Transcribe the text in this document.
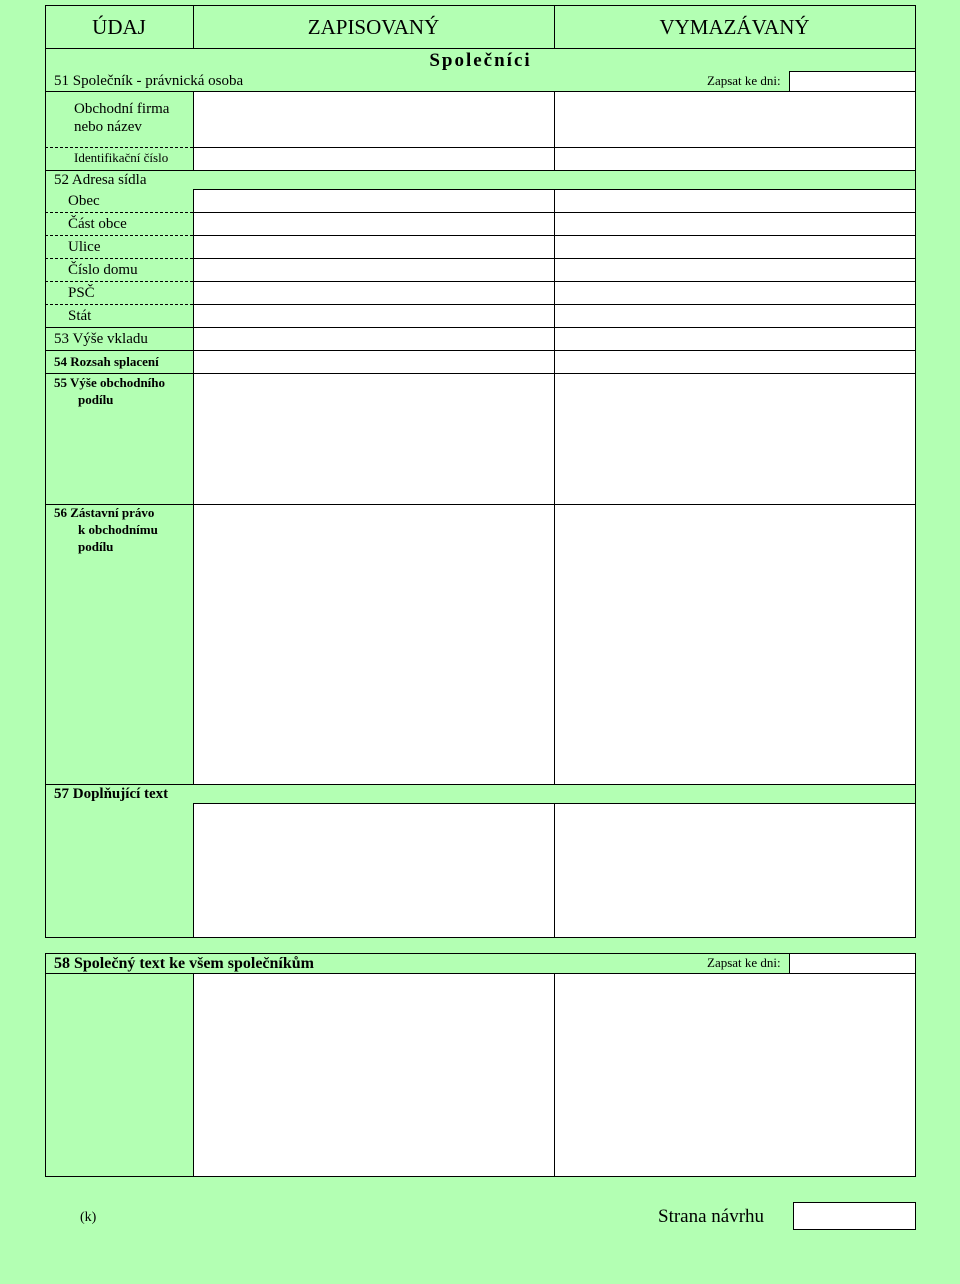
ÚDAJ	ZAPISOVANÝ	VYMAZÁVANÝ
Společníci
51 Společník - právnická osoba	Zapsat ke dni:
Obchodní firma
nebo název
Identifikační číslo
52 Adresa sídla
Obec
Část obce
Ulice
Číslo domu
PSČ
Stát
53 Výše vkladu
54 Rozsah splacení
55 Výše obchodního
podílu
56 Zástavní právo
k obchodnímu
podílu
57 Doplňující text
58 Společný text ke všem společníkům	Zapsat ke dni:
(k)	Strana návrhu
